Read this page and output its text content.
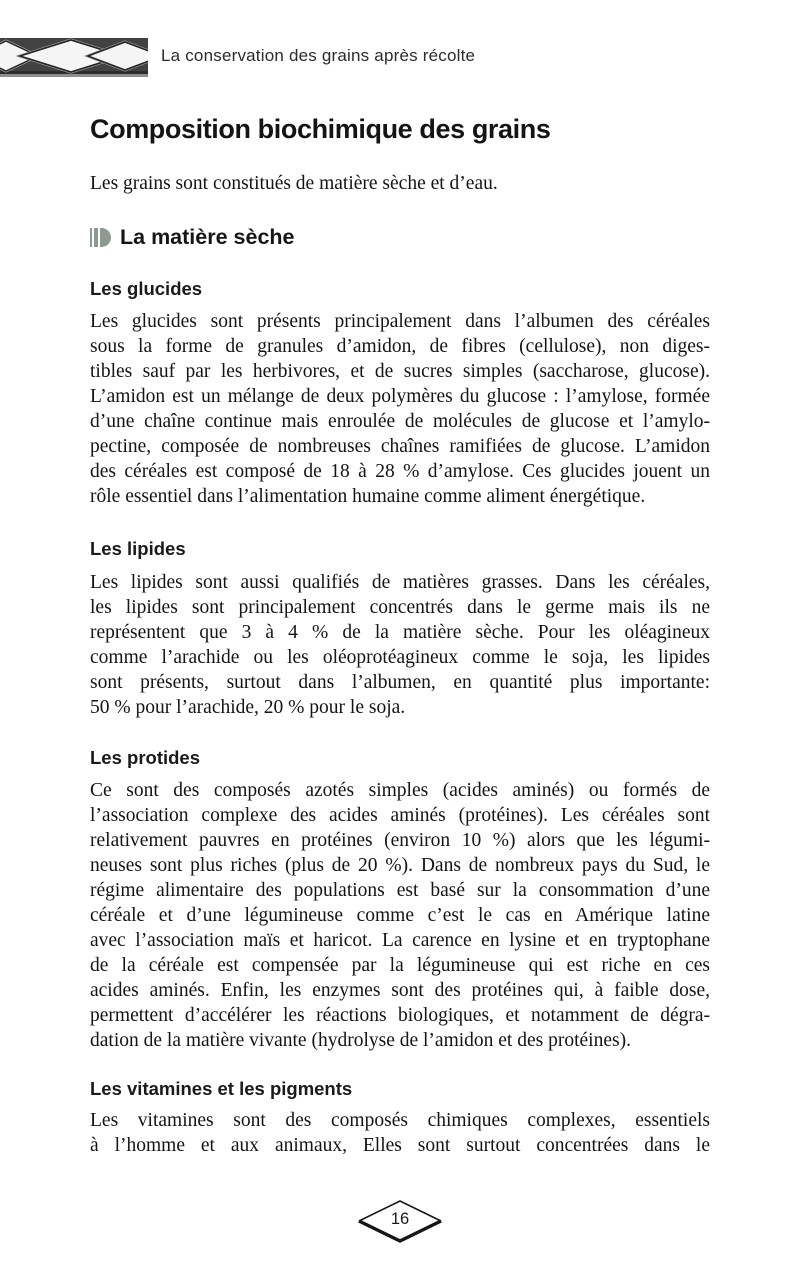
La conservation des grains après récolte
Composition biochimique des grains

Les grains sont constitués de matière sèche et d’eau.

La matière sèche
Les glucides
Les glucides sont présents principalement dans l’albumen des céréales
sous la forme de granules d’amidon, de fibres (cellulose), non diges-
tibles sauf par les herbivores, et de sucres simples (saccharose, glucose).
L’amidon est un mélange de deux polymères du glucose : l’amylose, formée
d’une chaîne continue mais enroulée de molécules de glucose et l’amylo-
pectine, composée de nombreuses chaînes ramifiées de glucose. L’amidon
des céréales est composé de 18 à 28 % d’amylose. Ces glucides jouent un
rôle essentiel dans l’alimentation humaine comme aliment énergétique.
Les lipides
Les lipides sont aussi qualifiés de matières grasses. Dans les céréales,
les lipides sont principalement concentrés dans le germe mais ils ne
représentent que 3 à 4 % de la matière sèche. Pour les oléagineux
comme l’arachide ou les oléoprotéagineux comme le soja, les lipides
sont présents, surtout dans l’albumen, en quantité plus importante:
50 % pour l’arachide, 20 % pour le soja.
Les protides
Ce sont des composés azotés simples (acides aminés) ou formés de
l’association complexe des acides aminés (protéines). Les céréales sont
relativement pauvres en protéines (environ 10 %) alors que les légumi-
neuses sont plus riches (plus de 20 %). Dans de nombreux pays du Sud, le
régime alimentaire des populations est basé sur la consommation d’une
céréale et d’une légumineuse comme c’est le cas en Amérique latine
avec l’association maïs et haricot. La carence en lysine et en tryptophane
de la céréale est compensée par la légumineuse qui est riche en ces
acides aminés. Enfin, les enzymes sont des protéines qui, à faible dose,
permettent d’accélérer les réactions biologiques, et notamment de dégra-
dation de la matière vivante (hydrolyse de l’amidon et des protéines).
Les vitamines et les pigments
Les vitamines sont des composés chimiques complexes, essentiels
à l’homme et aux animaux, Elles sont surtout concentrées dans le
16
